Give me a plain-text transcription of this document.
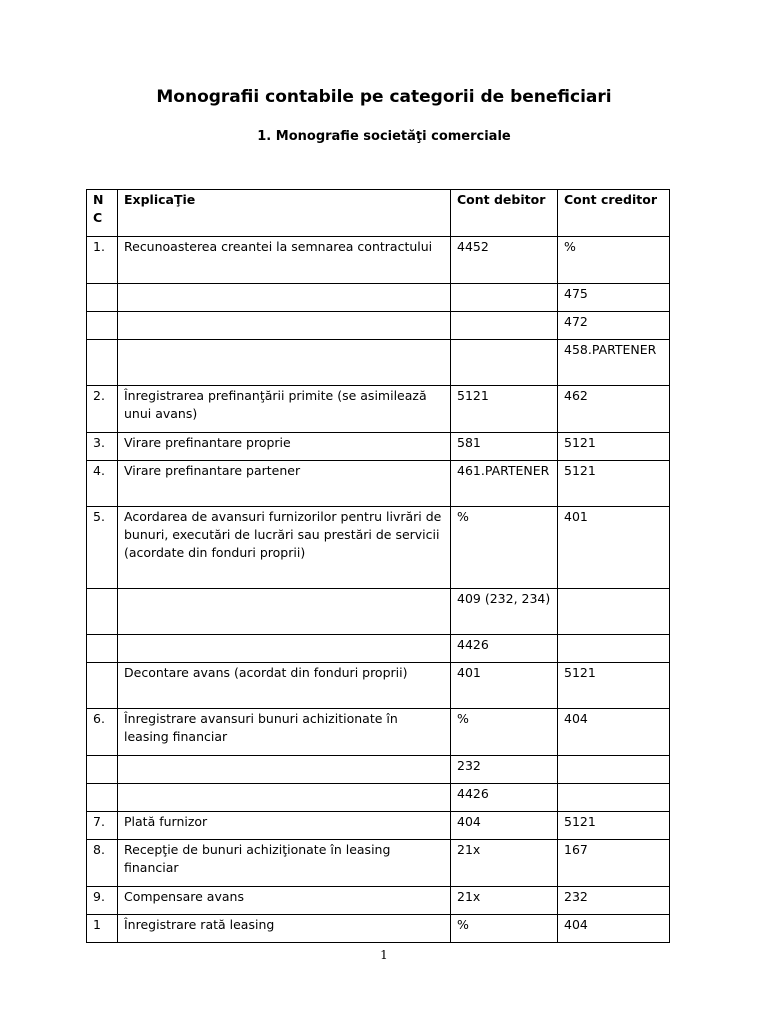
Monografii contabile pe categorii de beneficiari
1. Monografie societăţi comerciale
N C	ExplicaŢie	Cont debitor	Cont creditor
1.	Recunoasterea creantei la semnarea contractului	4452	%
			475
			472
			458.PARTENER
2.	Înregistrarea prefinanţării primite (se asimilează unui avans)	5121	462
3.	Virare prefinantare proprie	581	5121
4.	Virare prefinantare partener	461.PARTENER	5121
5.	Acordarea de avansuri furnizorilor pentru livrări de bunuri, executări de lucrări sau prestări de servicii (acordate din fonduri proprii)	%	401
		409 (232, 234)	
		4426	
	Decontare avans (acordat din fonduri proprii)	401	5121
6.	Înregistrare avansuri bunuri achizitionate în leasing financiar	%	404
		232	
		4426	
7.	Plată furnizor	404	5121
8.	Recepţie de bunuri achiziţionate în leasing financiar	21x	167
9.	Compensare avans	21x	232
1	Înregistrare rată leasing	%	404

1
